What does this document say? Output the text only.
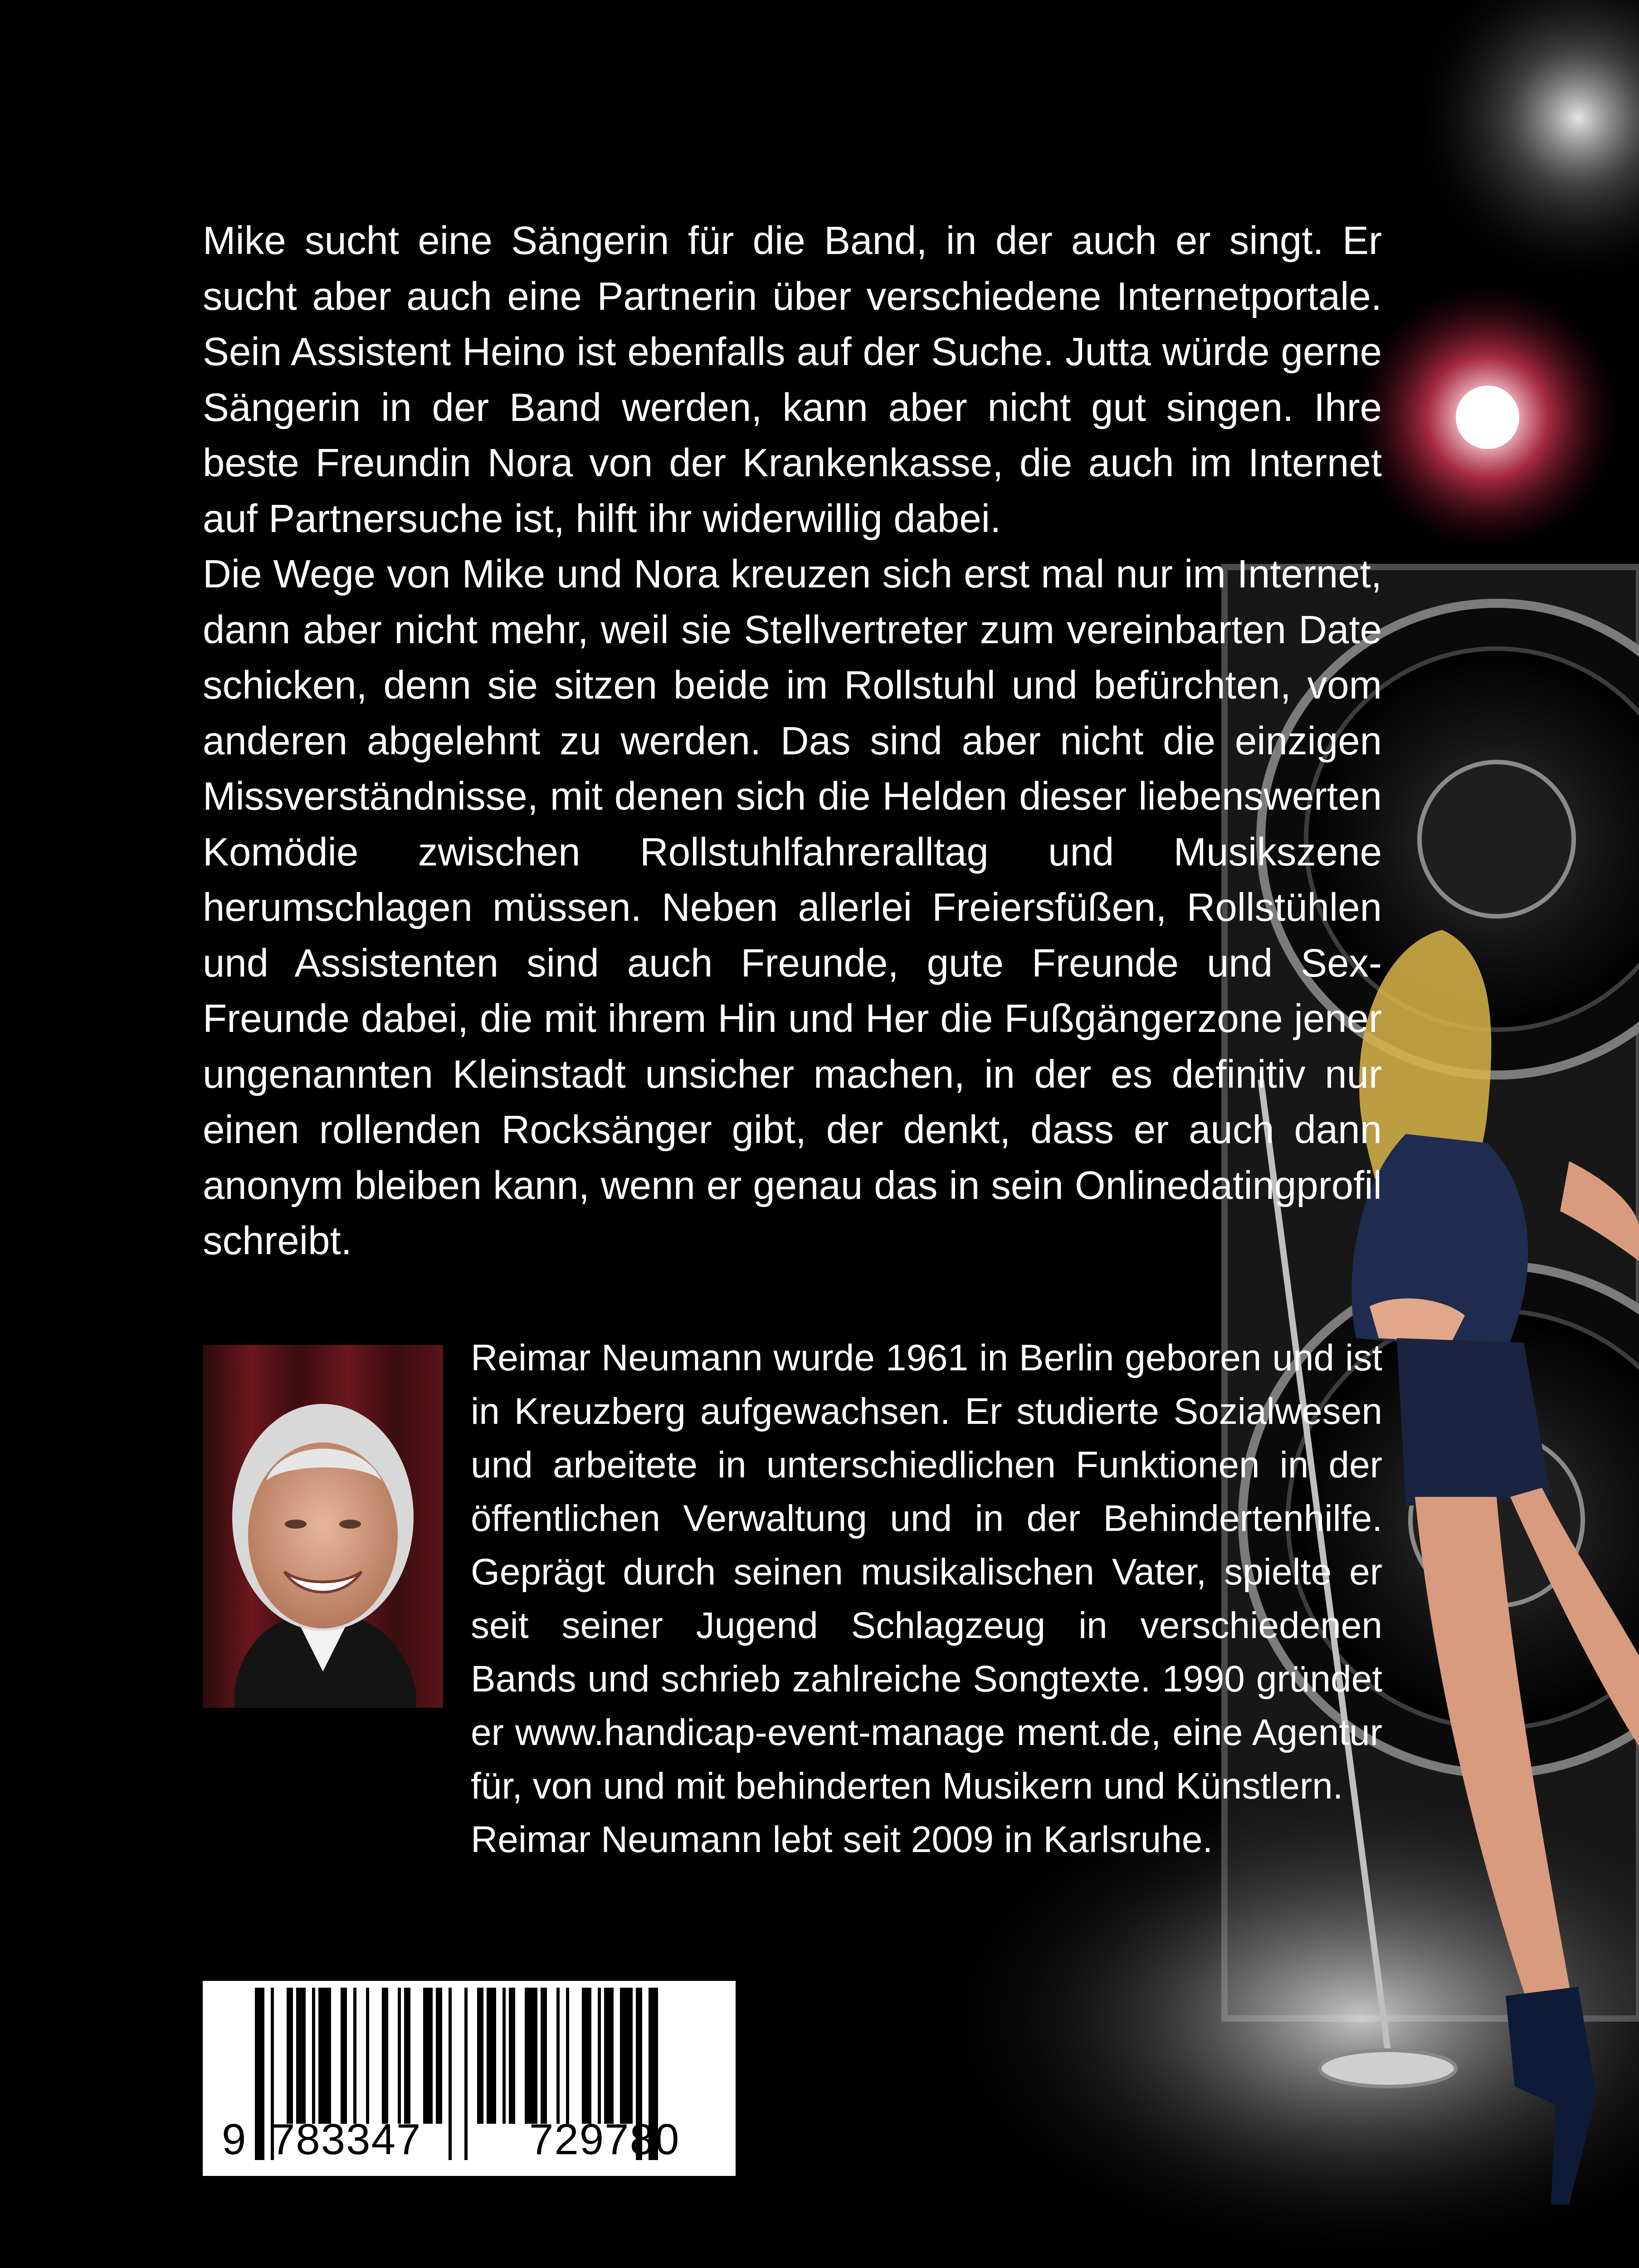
Mike sucht eine Sängerin für die Band, in der auch er singt. Er sucht aber auch eine Partnerin über verschiedene Internetportale. Sein Assistent Heino ist ebenfalls auf der Suche. Jutta würde gerne Sängerin in der Band werden, kann aber nicht gut singen. Ihre beste Freundin Nora von der Krankenkasse, die auch im Internet auf Partnersuche ist, hilft ihr widerwillig dabei.

Die Wege von Mike und Nora kreuzen sich erst mal nur im Internet, dann aber nicht mehr, weil sie Stellvertreter zum vereinbarten Date schicken, denn sie sitzen beide im Rollstuhl und befürchten, vom anderen abgelehnt zu werden. Das sind aber nicht die einzigen Missverständnisse, mit denen sich die Helden dieser liebenswerten Komödie zwischen Rollstuhlfahreralltag und Musikszene herumschlagen müssen. Neben allerlei Freiersfüßen, Rollstühlen und Assistenten sind auch Freunde, gute Freunde und Sex-Freunde dabei, die mit ihrem Hin und Her die Fußgängerzone jener ungenannten Kleinstadt unsicher machen, in der es definitiv nur einen rollenden Rocksänger gibt, der denkt, dass er auch dann anonym bleiben kann, wenn er genau das in sein Onlinedatingprofil schreibt.

Reimar Neumann wurde 1961 in Berlin geboren und ist in Kreuzberg aufgewachsen. Er studierte Sozialwesen und arbeitete in unterschiedlichen Funktionen in der öffentlichen Verwaltung und in der Behindertenhilfe. Geprägt durch seinen musikalischen Vater, spielte er seit seiner Jugend Schlagzeug in verschiedenen Bands und schrieb zahlreiche Songtexte. 1990 gründet er www.handicap-event-manage ment.de, eine Agentur für, von und mit behinderten Musikern und Künstlern.

Reimar Neumann lebt seit 2009 in Karlsruhe.

9 783347 729780
